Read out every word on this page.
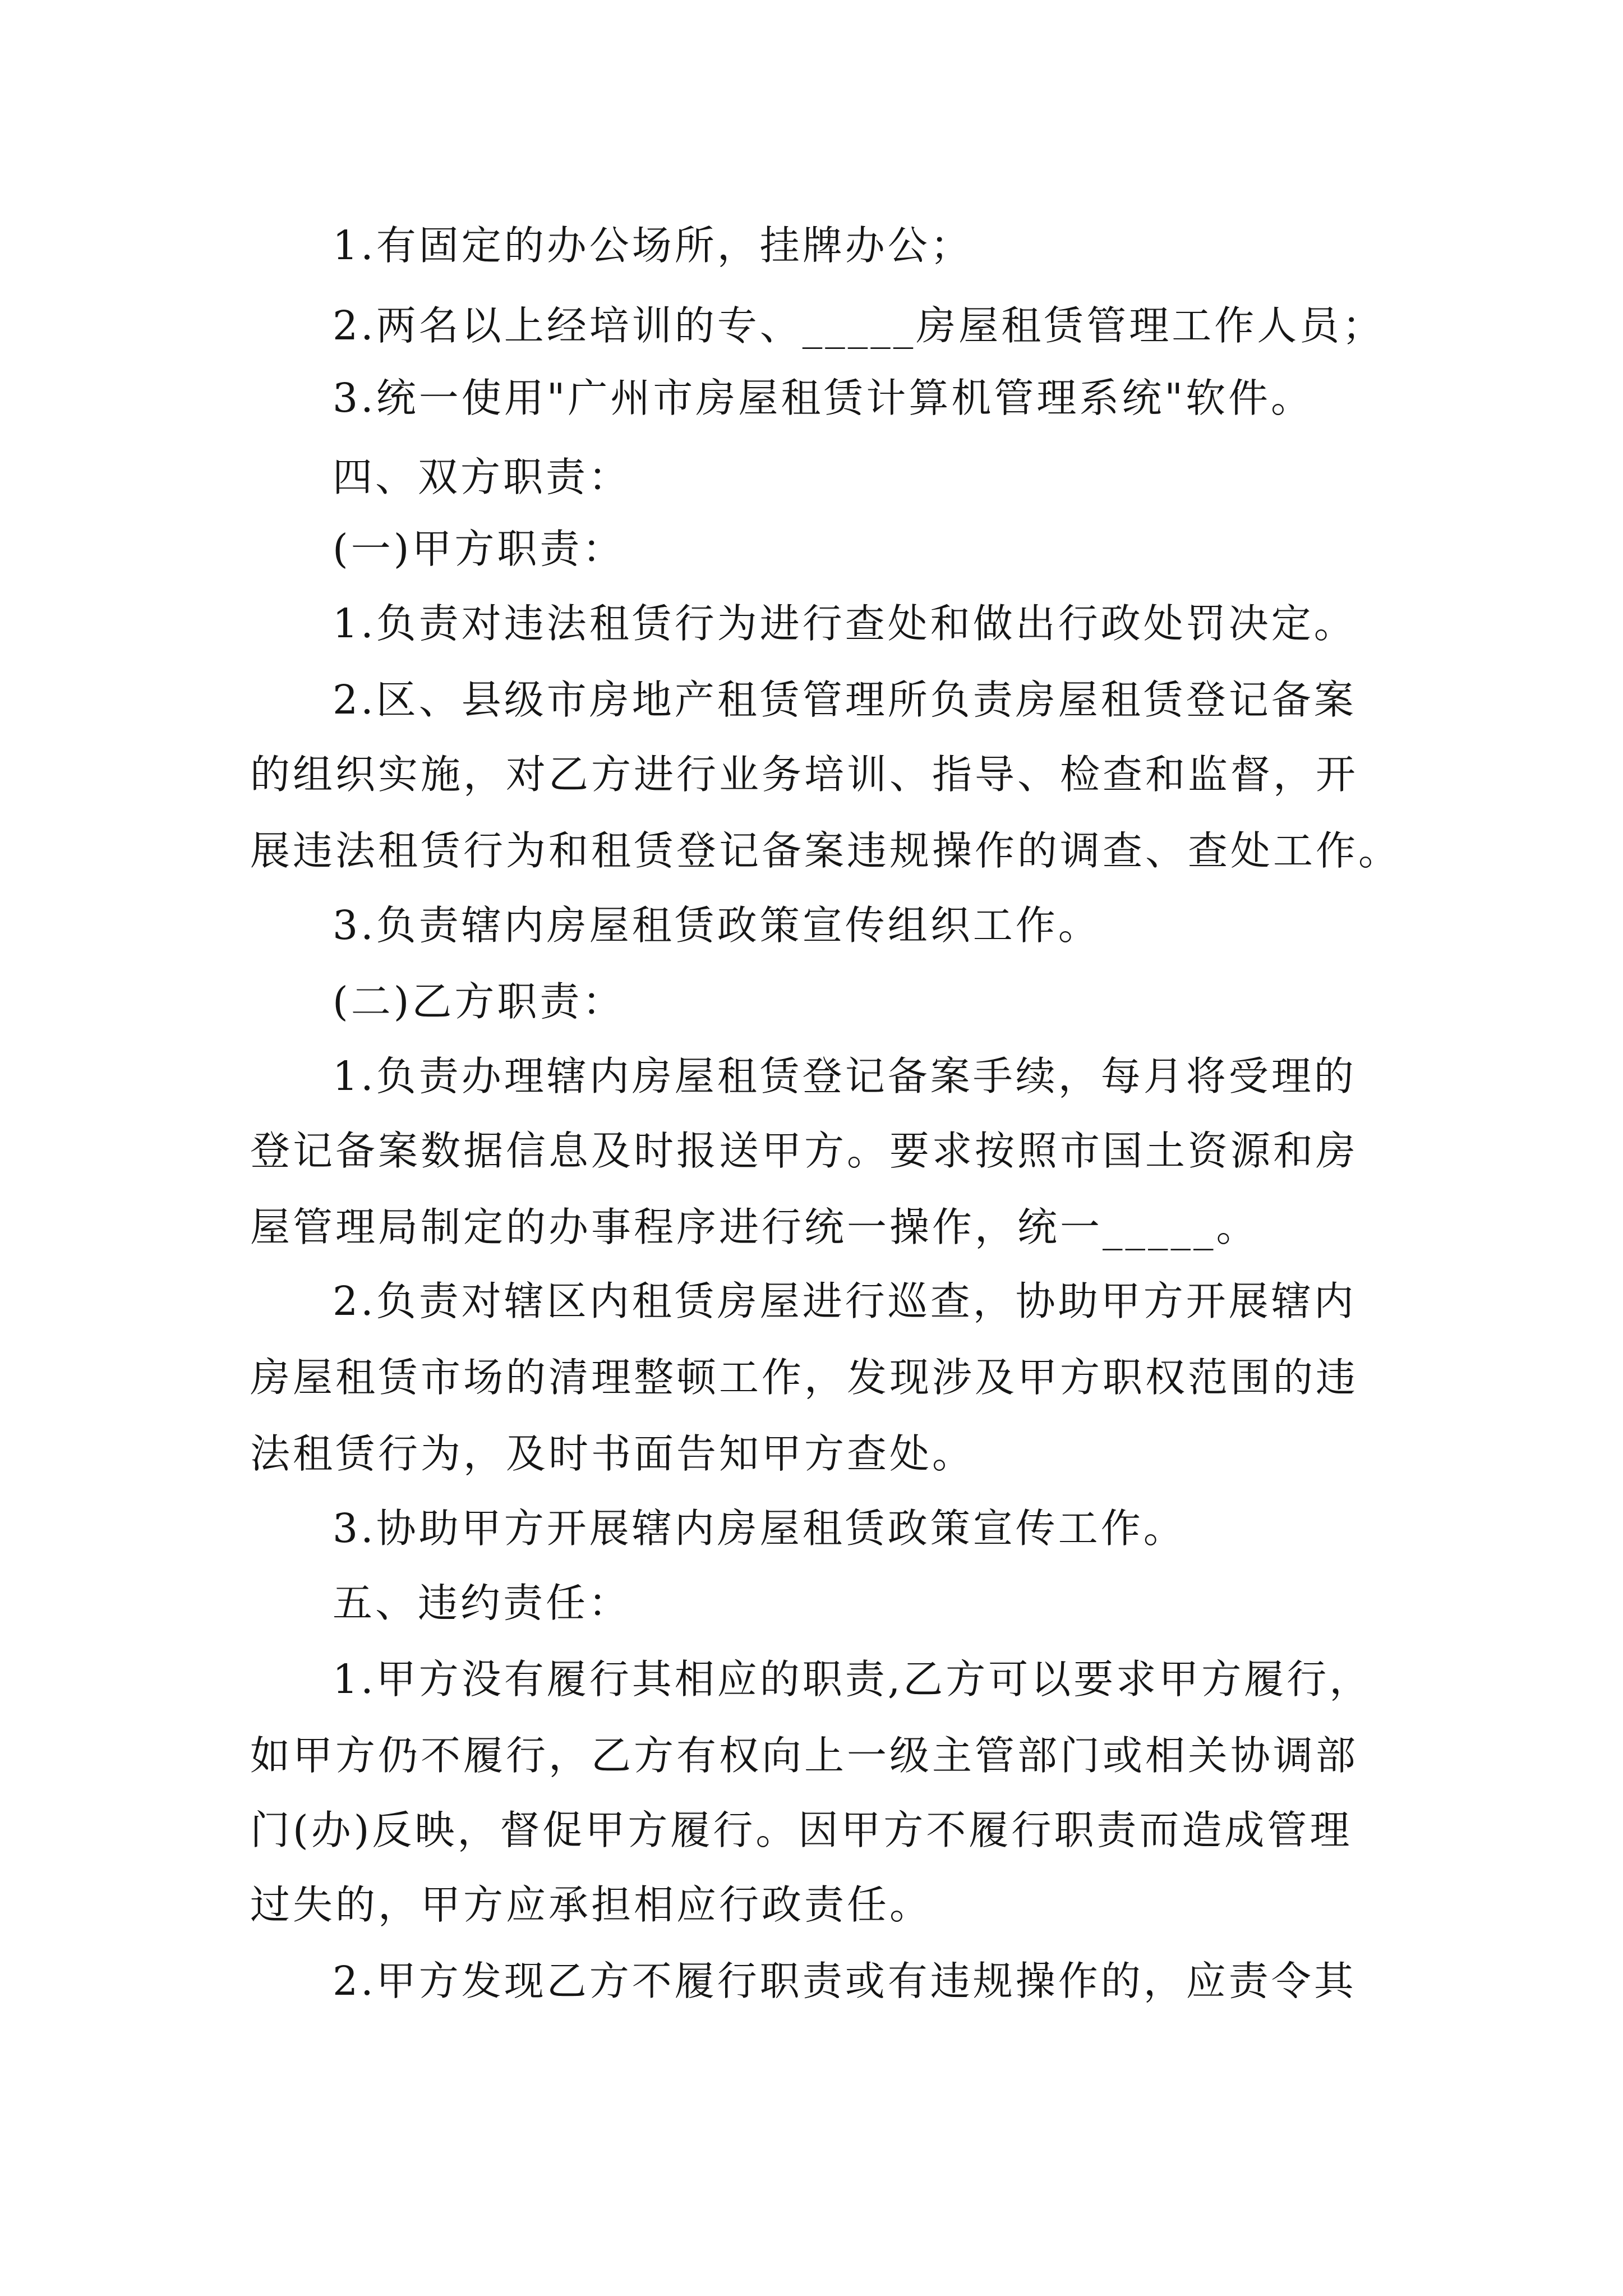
1.有固定的办公场所，挂牌办公；

2.两名以上经培训的专、_____房屋租赁管理工作人员；

3.统一使用"广州市房屋租赁计算机管理系统"软件。

四、双方职责：

(一)甲方职责：

1.负责对违法租赁行为进行查处和做出行政处罚决定。

2.区、县级市房地产租赁管理所负责房屋租赁登记备案

的组织实施，对乙方进行业务培训、指导、检查和监督，开

展违法租赁行为和租赁登记备案违规操作的调查、查处工作。

3.负责辖内房屋租赁政策宣传组织工作。

(二)乙方职责：

1.负责办理辖内房屋租赁登记备案手续，每月将受理的

登记备案数据信息及时报送甲方。要求按照市国土资源和房

屋管理局制定的办事程序进行统一操作，统一_____。

2.负责对辖区内租赁房屋进行巡查，协助甲方开展辖内

房屋租赁市场的清理整顿工作，发现涉及甲方职权范围的违

法租赁行为，及时书面告知甲方查处。

3.协助甲方开展辖内房屋租赁政策宣传工作。

五、违约责任：

1.甲方没有履行其相应的职责,乙方可以要求甲方履行，

如甲方仍不履行，乙方有权向上一级主管部门或相关协调部

门(办)反映，督促甲方履行。因甲方不履行职责而造成管理

过失的，甲方应承担相应行政责任。

2.甲方发现乙方不履行职责或有违规操作的，应责令其
